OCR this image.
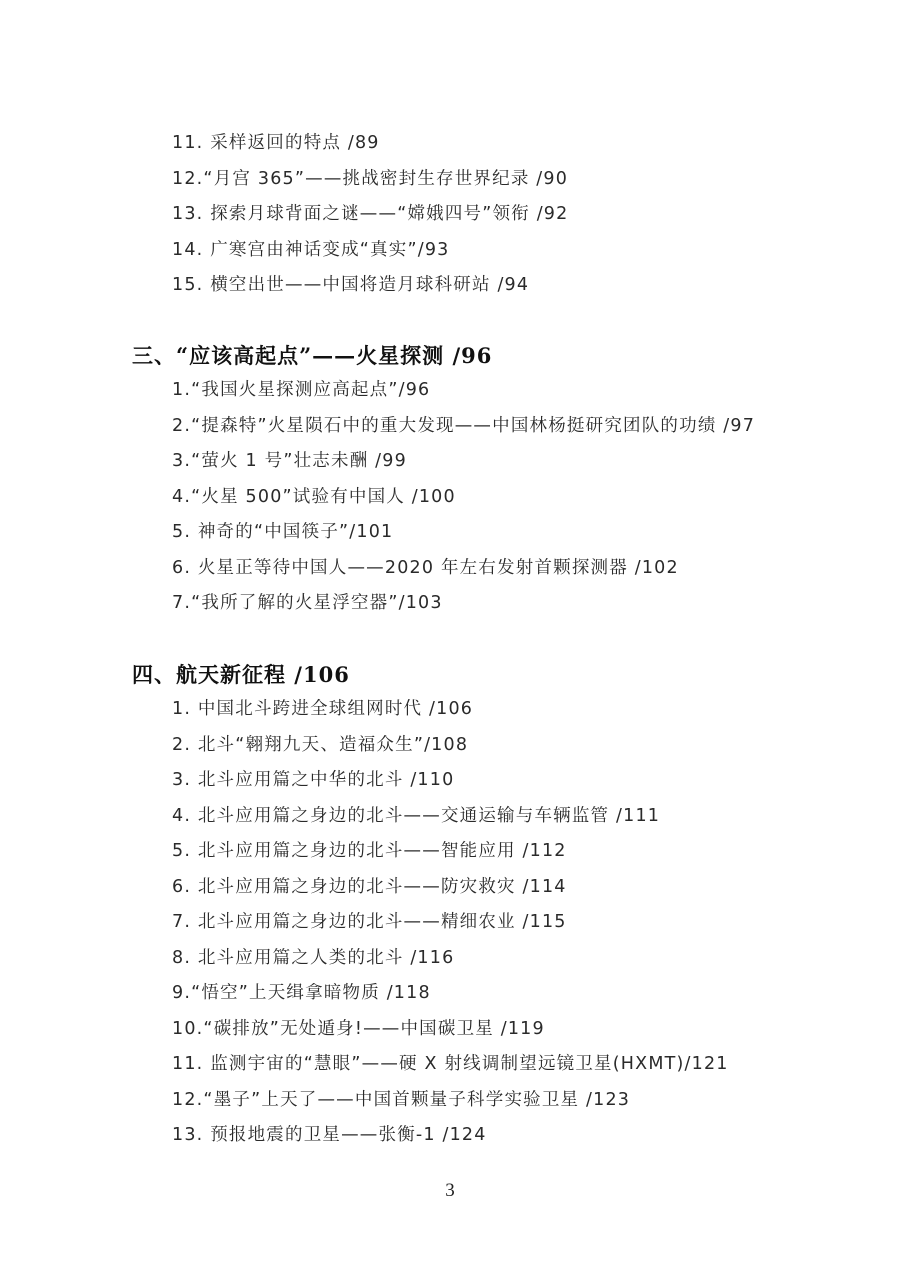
11. 采样返回的特点 /89
12.“月宫 365”——挑战密封生存世界纪录 /90
13. 探索月球背面之谜——“嫦娥四号”领衔 /92
14. 广寒宫由神话变成“真实”/93
15. 横空出世——中国将造月球科研站 /94
三、“应该高起点”——火星探测 /96
1.“我国火星探测应高起点”/96
2.“提森特”火星陨石中的重大发现——中国林杨挺研究团队的功绩 /97
3.“萤火 1 号”壮志未酬 /99
4.“火星 500”试验有中国人 /100
5. 神奇的“中国筷子”/101
6. 火星正等待中国人——2020 年左右发射首颗探测器 /102
7.“我所了解的火星浮空器”/103
四、航天新征程 /106
1. 中国北斗跨进全球组网时代 /106
2. 北斗“翱翔九天、造福众生”/108
3. 北斗应用篇之中华的北斗 /110
4. 北斗应用篇之身边的北斗——交通运输与车辆监管 /111
5. 北斗应用篇之身边的北斗——智能应用 /112
6. 北斗应用篇之身边的北斗——防灾救灾 /114
7. 北斗应用篇之身边的北斗——精细农业 /115
8. 北斗应用篇之人类的北斗 /116
9.“悟空”上天缉拿暗物质 /118
10.“碳排放”无处遁身!——中国碳卫星 /119
11. 监测宇宙的“慧眼”——硬 X 射线调制望远镜卫星(HXMT)/121
12.“墨子”上天了——中国首颗量子科学实验卫星 /123
13. 预报地震的卫星——张衡-1 /124
3
